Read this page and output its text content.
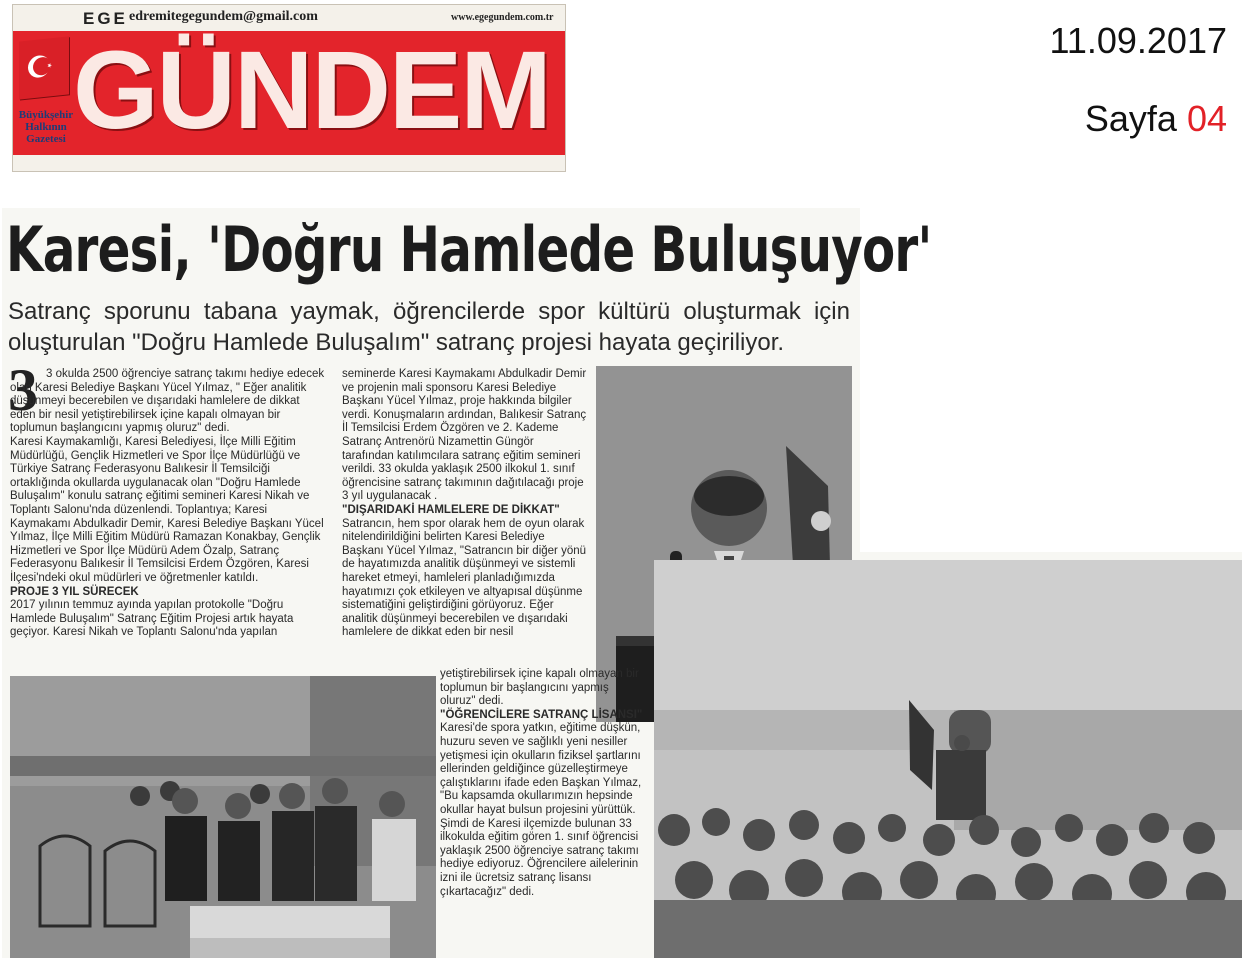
EGE edremitegegundem@gmail.com	www.egegundem.com.tr
GÜNDEM
Büyükşehir
Halkının
Gazetesi
11.09.2017
Sayfa 04
Karesi, 'Doğru Hamlede Buluşuyor'
Satranç sporunu tabana yaymak, öğrencilerde spor kültürü oluşturmak için oluşturulan "Doğru Hamlede Buluşalım" satranç projesi hayata geçiriliyor.
3 3 okulda 2500 öğrenciye satranç takımı hediye edecek olan Karesi Belediye Başkanı Yücel Yılmaz, " Eğer analitik düşünmeyi becerebilen ve dışarıdaki hamlelere de dikkat eden bir nesil yetiştirebilirsek içine kapalı olmayan bir toplumun başlangıcını yapmış oluruz" dedi.

Karesi Kaymakamlığı, Karesi Belediyesi, İlçe Milli Eğitim Müdürlüğü, Gençlik Hizmetleri ve Spor İlçe Müdürlüğü ve Türkiye Satranç Federasyonu Balıkesir İl Temsilciği ortaklığında okullarda uygulanacak olan "Doğru Hamlede Buluşalım" konulu satranç eğitimi semineri Karesi Nikah ve Toplantı Salonu'nda düzenlendi. Toplantıya; Karesi Kaymakamı Abdulkadir Demir, Karesi Belediye Başkanı Yücel Yılmaz, İlçe Milli Eğitim Müdürü Ramazan Konakbay, Gençlik Hizmetleri ve Spor İlçe Müdürü Adem Özalp, Satranç Federasyonu Balıkesir İl Temsilcisi Erdem Özgören, Karesi İlçesi'ndeki okul müdürleri ve öğretmenler katıldı.

PROJE 3 YIL SÜRECEK

2017 yılının temmuz ayında yapılan protokolle "Doğru Hamlede Buluşalım" Satranç Eğitim Projesi artık hayata geçiyor. Karesi Nikah ve Toplantı Salonu'nda yapılan

seminerde Karesi Kaymakamı Abdulkadir Demir ve projenin mali sponsoru Karesi Belediye Başkanı Yücel Yılmaz, proje hakkında bilgiler verdi. Konuşmaların ardından, Balıkesir Satranç İl Temsilcisi Erdem Özgören ve 2. Kademe Satranç Antrenörü Nizamettin Güngör tarafından katılımcılara satranç eğitim semineri verildi. 33 okulda yaklaşık 2500 ilkokul 1. sınıf öğrencisine satranç takımının dağıtılacağı proje 3 yıl uygulanacak .

"DIŞARIDAKİ HAMLELERE DE DİKKAT"

Satrancın, hem spor olarak hem de oyun olarak nitelendirildiğini belirten Karesi Belediye Başkanı Yücel Yılmaz, "Satrancın bir diğer yönü de hayatımızda analitik düşünmeyi ve sistemli hareket etmeyi, hamleleri planladığımızda hayatımızı çok etkileyen ve altyapısal düşünme sistematiğini geliştirdiğini görüyoruz. Eğer analitik düşünmeyi becerebilen ve dışarıdaki hamlelere de dikkat eden bir nesil

yetiştirebilirsek içine kapalı olmayan bir toplumun bir başlangıcını yapmış oluruz" dedi.

"ÖĞRENCİLERE SATRANÇ LİSANSI"

Karesi'de spora yatkın, eğitime düşkün, huzuru seven ve sağlıklı yeni nesiller yetişmesi için okulların fiziksel şartlarını ellerinden geldiğince güzelleştirmeye çalıştıklarını ifade eden Başkan Yılmaz, "Bu kapsamda okullarımızın hepsinde okullar hayat bulsun projesini yürüttük. Şimdi de Karesi ilçemizde bulunan 33 ilkokulda eğitim gören 1. sınıf öğrencisi yaklaşık 2500 öğrenciye satranç takımı hediye ediyoruz. Öğrencilere ailelerinin izni ile ücretsiz satranç lisansı çıkartacağız" dedi.
